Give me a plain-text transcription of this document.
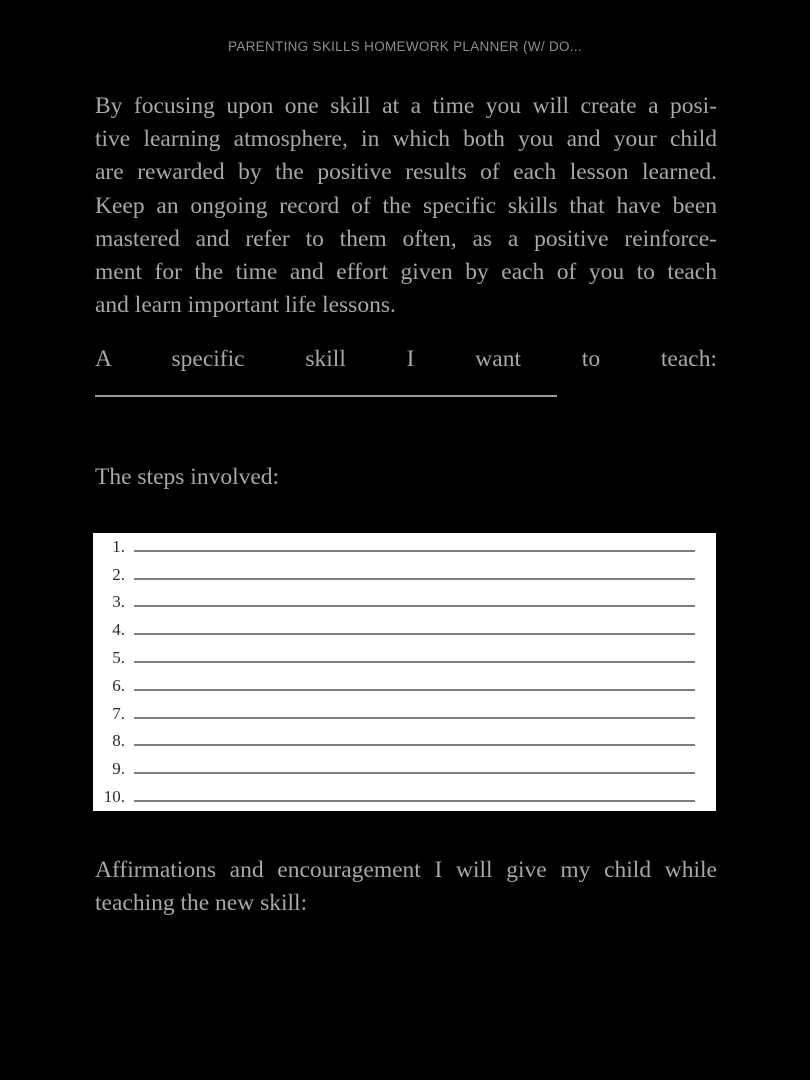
PARENTING SKILLS HOMEWORK PLANNER (W/ DO...
By focusing upon one skill at a time you will create a posi-
tive learning atmosphere, in which both you and your child
are rewarded by the positive results of each lesson learned.
Keep an ongoing record of the specific skills that have been
mastered and refer to them often, as a positive reinforce-
ment for the time and effort given by each of you to teach
and learn important life lessons.
A specific skill I want to teach:
The steps involved:
1.
2.
3.
4.
5.
6.
7.
8.
9.
10.
Affirmations and encouragement I will give my child while
teaching the new skill:
